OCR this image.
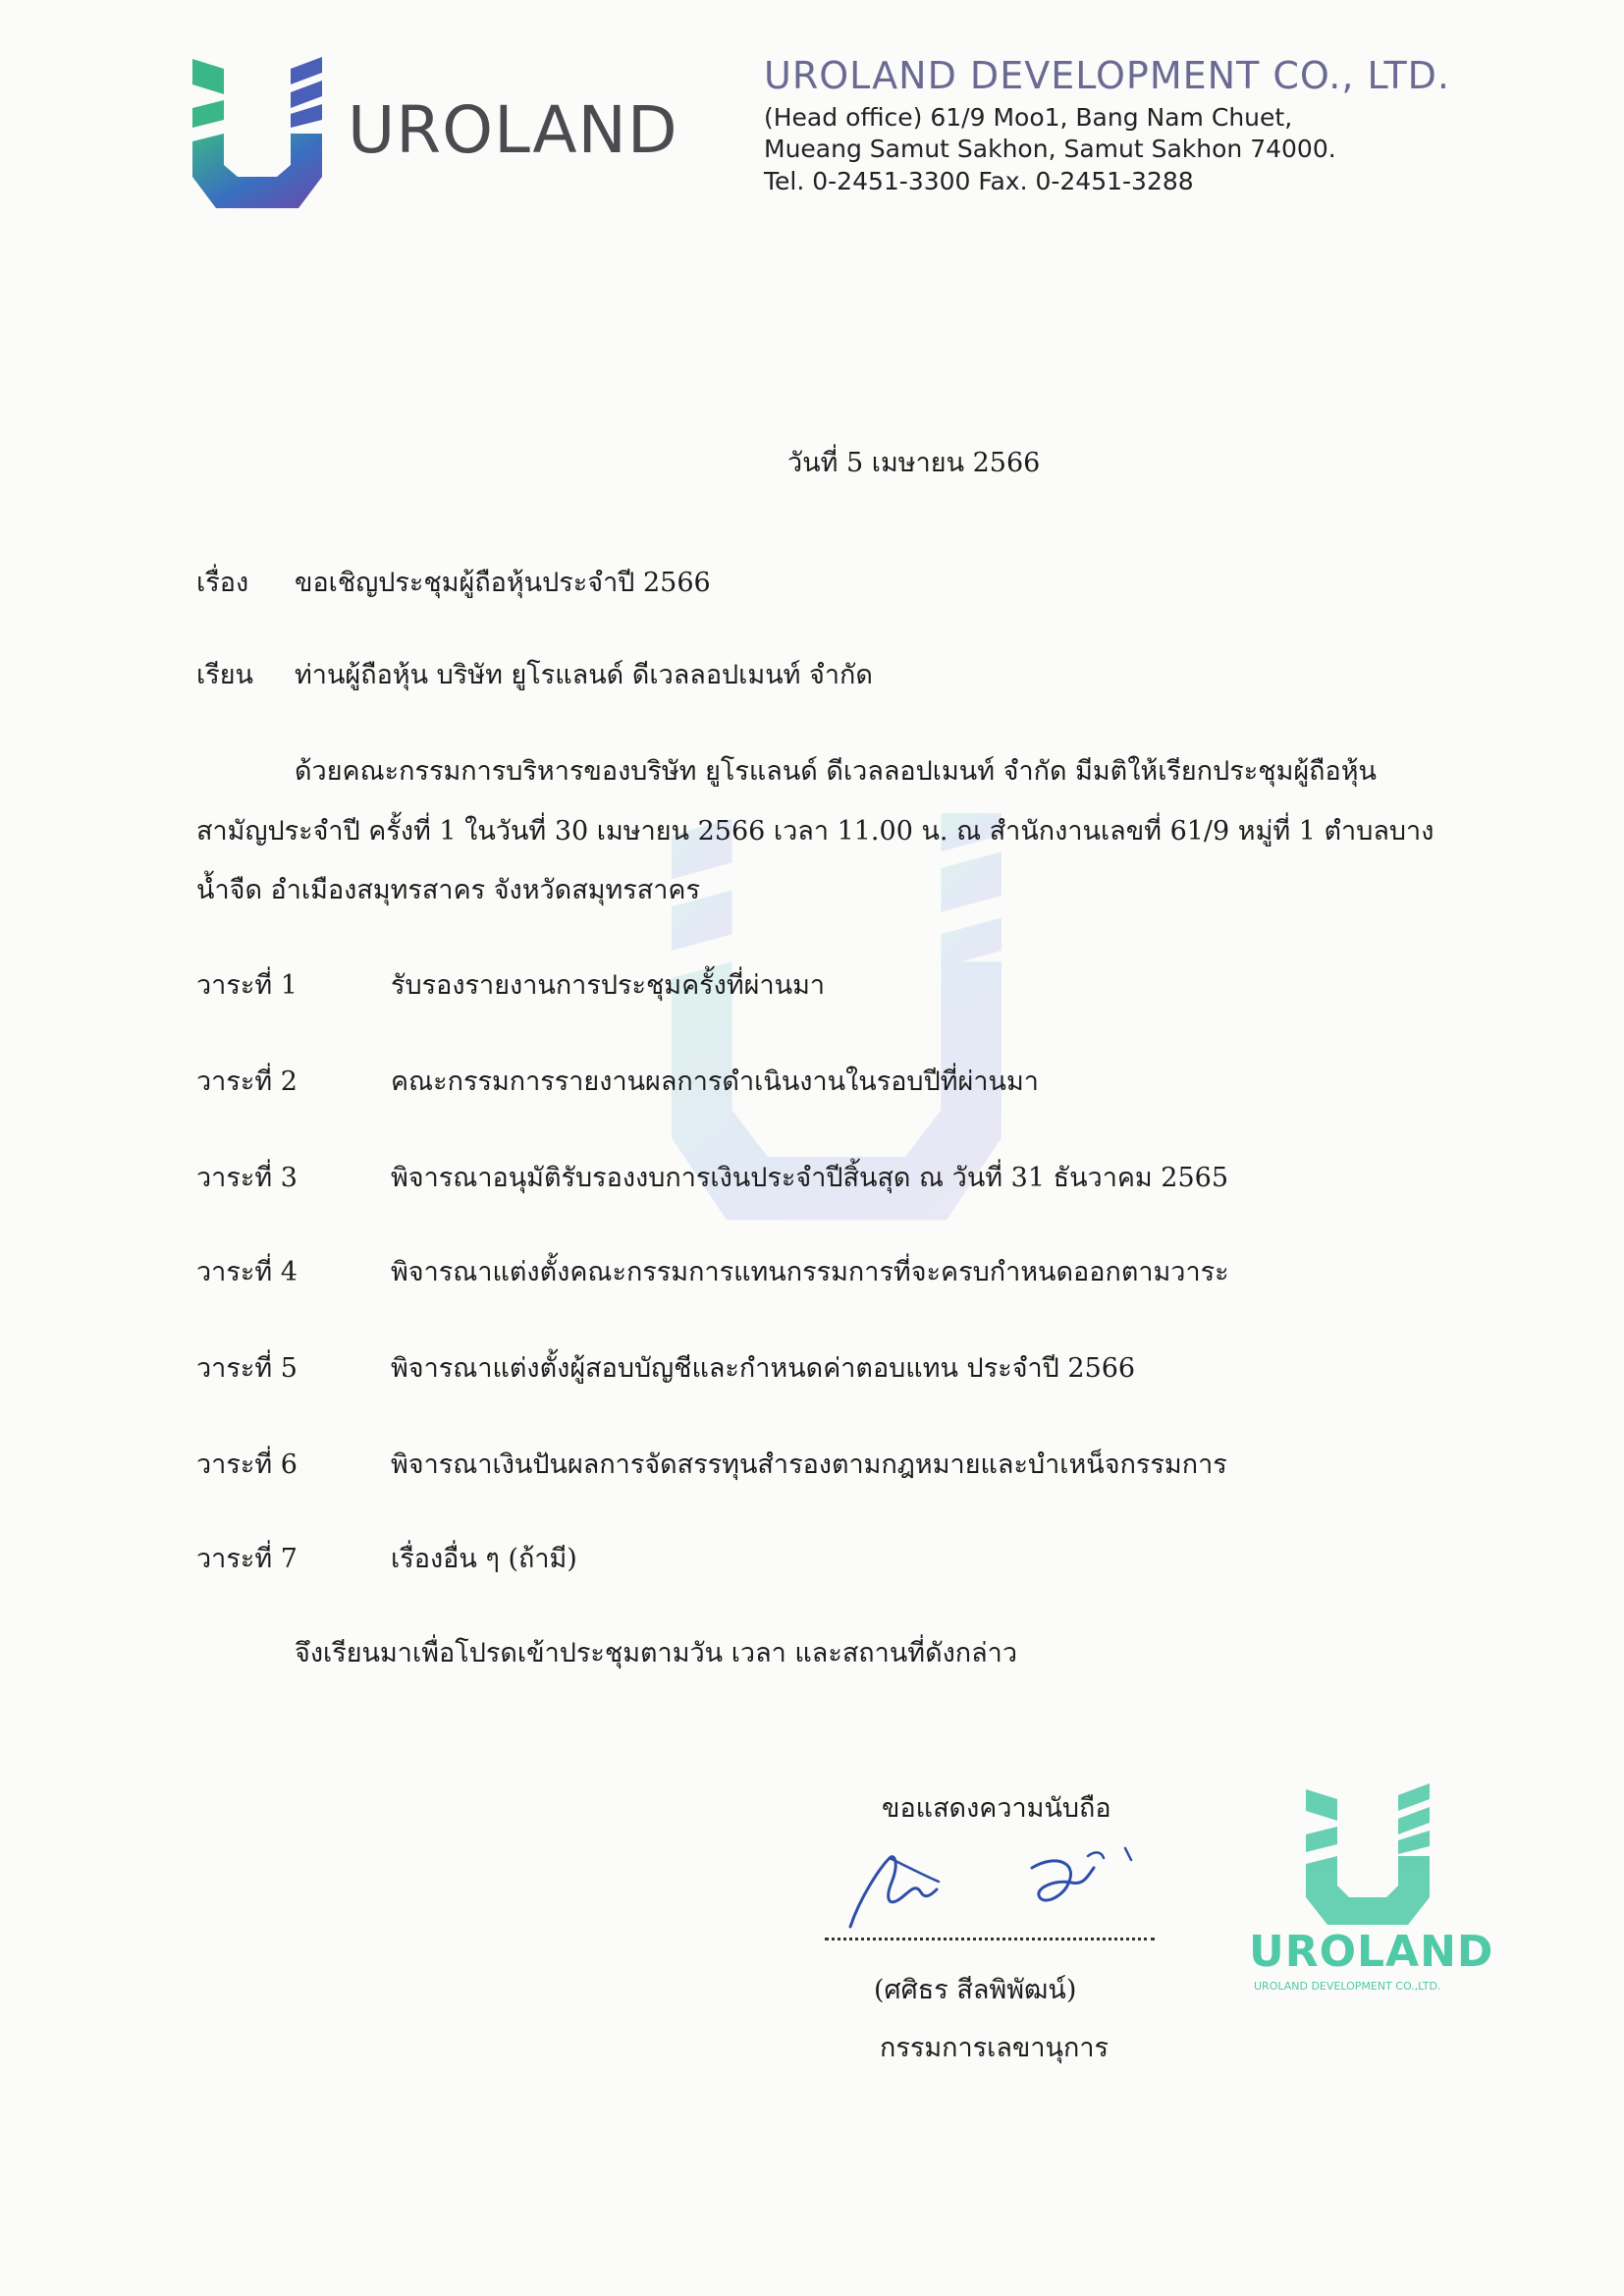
UROLAND
UROLAND DEVELOPMENT CO., LTD.
(Head office) 61/9 Moo1, Bang Nam Chuet,
Mueang Samut Sakhon, Samut Sakhon 74000.
Tel. 0-2451-3300 Fax. 0-2451-3288
วันที่ 5 เมษายน 2566
เรื่อง ขอเชิญประชุมผู้ถือหุ้นประจำปี 2566
เรียน ท่านผู้ถือหุ้น บริษัท ยูโรแลนด์ ดีเวลลอปเมนท์ จำกัด
ด้วยคณะกรรมการบริหารของบริษัท ยูโรแลนด์ ดีเวลลอปเมนท์ จำกัด มีมติให้เรียกประชุมผู้ถือหุ้น
สามัญประจำปี ครั้งที่ 1 ในวันที่ 30 เมษายน 2566 เวลา 11.00 น. ณ สำนักงานเลขที่ 61/9 หมู่ที่ 1 ตำบลบาง
น้ำจืด อำเมืองสมุทรสาคร จังหวัดสมุทรสาคร
วาระที่ 1	รับรองรายงานการประชุมครั้งที่ผ่านมา
วาระที่ 2	คณะกรรมการรายงานผลการดำเนินงานในรอบปีที่ผ่านมา
วาระที่ 3	พิจารณาอนุมัติรับรองงบการเงินประจำปีสิ้นสุด ณ วันที่ 31 ธันวาคม 2565
วาระที่ 4	พิจารณาแต่งตั้งคณะกรรมการแทนกรรมการที่จะครบกำหนดออกตามวาระ
วาระที่ 5	พิจารณาแต่งตั้งผู้สอบบัญชีและกำหนดค่าตอบแทน ประจำปี 2566
วาระที่ 6	พิจารณาเงินปันผลการจัดสรรทุนสำรองตามกฎหมายและบำเหน็จกรรมการ
วาระที่ 7	เรื่องอื่น ๆ (ถ้ามี)
จึงเรียนมาเพื่อโปรดเข้าประชุมตามวัน เวลา และสถานที่ดังกล่าว
ขอแสดงความนับถือ
(ศศิธร สีลพิพัฒน์)
กรรมการเลขานุการ
UROLAND
UROLAND DEVELOPMENT CO.,LTD.
